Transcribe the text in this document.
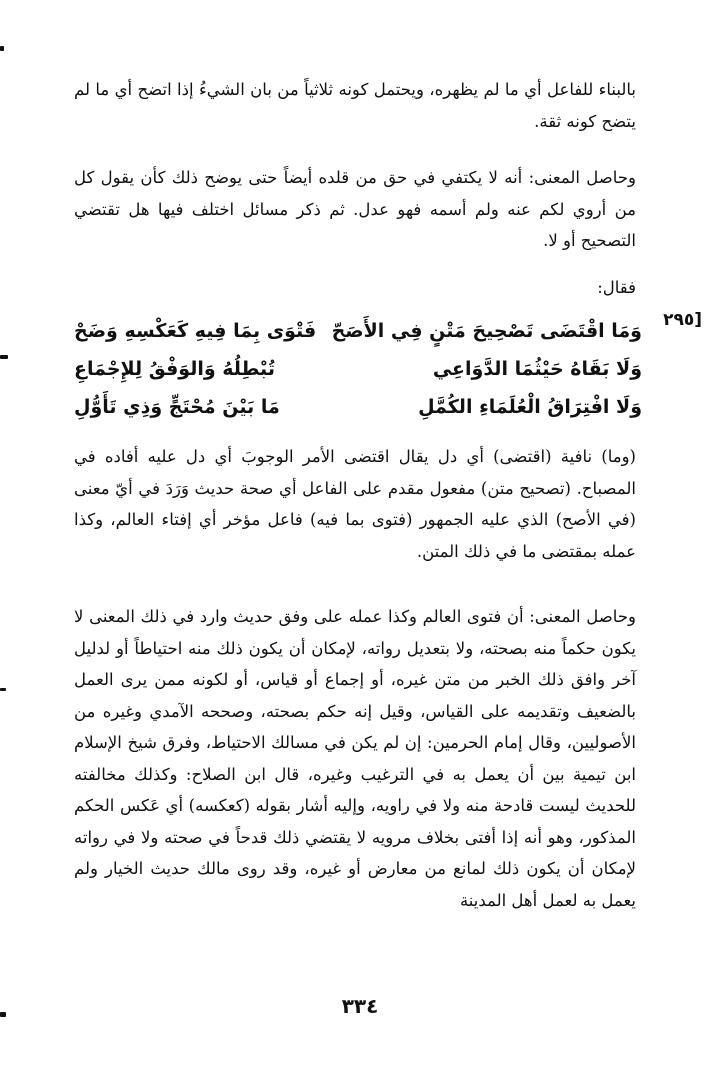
بالبناء للفاعل أي ما لم يظهره، ويحتمل كونه ثلاثياً من بان الشيءُ إذا اتضح أي ما لم يتضح كونه ثقة.

وحاصل المعنى: أنه لا يكتفي في حق من قلده أيضاً حتى يوضح ذلك كأن يقول كل من أروي لكم عنه ولم أسمه فهو عدل. ثم ذكر مسائل اختلف فيها هل تقتضي التصحيح أو لا.

فقال:

[٢٩٥
وَمَا اقْتَضَى تَصْحِيحَ مَتْنٍ فِي الأَصَحّ
فَتْوَى بِمَا فِيهِ كَعَكْسِهِ وَضَحْ
وَلَا بَقَاهُ حَيْثُمَا الدَّوَاعِي
تُبْطِلُهُ وَالوَفْقُ لِلإِجْمَاعِ
وَلَا افْتِرَاقُ الْعُلَمَاءِ الكُمَّلِ
مَا بَيْنَ مُحْتَجٍّ وَذِي تَأَوُّلِ

(وما) نافية (اقتضى) أي دل يقال اقتضى الأمر الوجوبَ أي دل عليه أفاده في المصباح. (تصحيح متن) مفعول مقدم على الفاعل أي صحة حديث وَرَدَ في أيّ معنى (في الأصح) الذي عليه الجمهور (فتوى بما فيه) فاعل مؤخر أي إفتاء العالم، وكذا عمله بمقتضى ما في ذلك المتن.

وحاصل المعنى: أن فتوى العالم وكذا عمله على وفق حديث وارد في ذلك المعنى لا يكون حكماً منه بصحته، ولا بتعديل رواته، لإمكان أن يكون ذلك منه احتياطاً أو لدليل آخر وافق ذلك الخبر من متن غيره، أو إجماع أو قياس، أو لكونه ممن يرى العمل بالضعيف وتقديمه على القياس، وقيل إنه حكم بصحته، وصححه الآمدي وغيره من الأصوليين، وقال إمام الحرمين: إن لم يكن في مسالك الاحتياط، وفرق شيخ الإسلام ابن تيمية بين أن يعمل به في الترغيب وغيره، قال ابن الصلاح: وكذلك مخالفته للحديث ليست قادحة منه ولا في راويه، وإليه أشار بقوله (كعكسه) أي عَكس الحكم المذكور، وهو أنه إذا أفتى بخلاف مرويه لا يقتضي ذلك قدحاً في صحته ولا في رواته لإمكان أن يكون ذلك لمانع من معارض أو غيره، وقد روى مالك حديث الخيار ولم يعمل به لعمل أهل المدينة

٣٣٤
